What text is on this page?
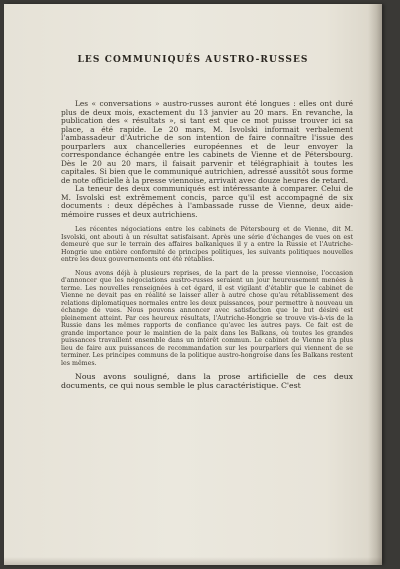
LES COMMUNIQUÉS AUSTRO-RUSSES

Les « conversations » austro-russes auront été longues : elles ont duré plus de deux mois, exactement du 13 janvier au 20 mars. En revanche, la publication des « résultats », si tant est que ce mot puisse trouver ici sa place, a été rapide. Le 20 mars, M. Isvolski informait verbalement l'ambassadeur d'Autriche de son intention de faire connaître l'issue des pourparlers aux chancelleries européennes et de leur envoyer la correspondance échangée entre les cabinets de Vienne et de Pétersbourg. Dès le 20 au 20 mars, il faisait parvenir et télégraphiait à toutes les capitales. Si bien que le communiqué autrichien, adressé aussitôt sous forme de note officielle à la presse viennoise, arrivait avec douze heures de retard.

La teneur des deux communiqués est intéressante à comparer. Celui de M. Isvolski est extrêmement concis, parce qu'il est accompagné de six documents : deux dépêches à l'ambassade russe de Vienne, deux aide-mémoire russes et deux autrichiens.

Les récentes négociations entre les cabinets de Pétersbourg et de Vienne, dit M. Isvolski, ont abouti à un résultat satisfaisant. Après une série d'échanges de vues on est demeuré que sur le terrain des affaires balkaniques il y a entre la Russie et l'Autriche-Hongrie une entière conformité de principes politiques, les suivants politiques nouvelles entre les deux gouvernements ont été rétablies.

Nous avons déjà à plusieurs reprises, de la part de la presse viennoise, l'occasion d'annoncer que les négociations austro-russes seraient un jour heureusement menées à terme. Les nouvelles renseignées à cet égard, il est vigilant d'établir que le cabinet de Vienne ne devait pas en réalité se laisser aller à autre chose qu'au rétablissement des relations diplomatiques normales entre les deux puissances, pour permettre à nouveau un échange de vues. Nous pouvons annoncer avec satisfaction que le but désiré est pleinement atteint. Par ces heureux résultats, l'Autriche-Hongrie se trouve vis-à-vis de la Russie dans les mêmes rapports de confiance qu'avec les autres pays. Ce fait est de grande importance pour le maintien de la paix dans les Balkans, où toutes les grandes puissances travaillent ensemble dans un intérêt commun. Le cabinet de Vienne n'a plus lieu de faire aux puissances de recommandation sur les pourparlers qui viennent de se terminer. Les principes communs de la politique austro-hongroise dans les Balkans restent les mêmes.

Nous avons souligné, dans la prose artificielle de ces deux documents, ce qui nous semble le plus caractéristique. C'est
